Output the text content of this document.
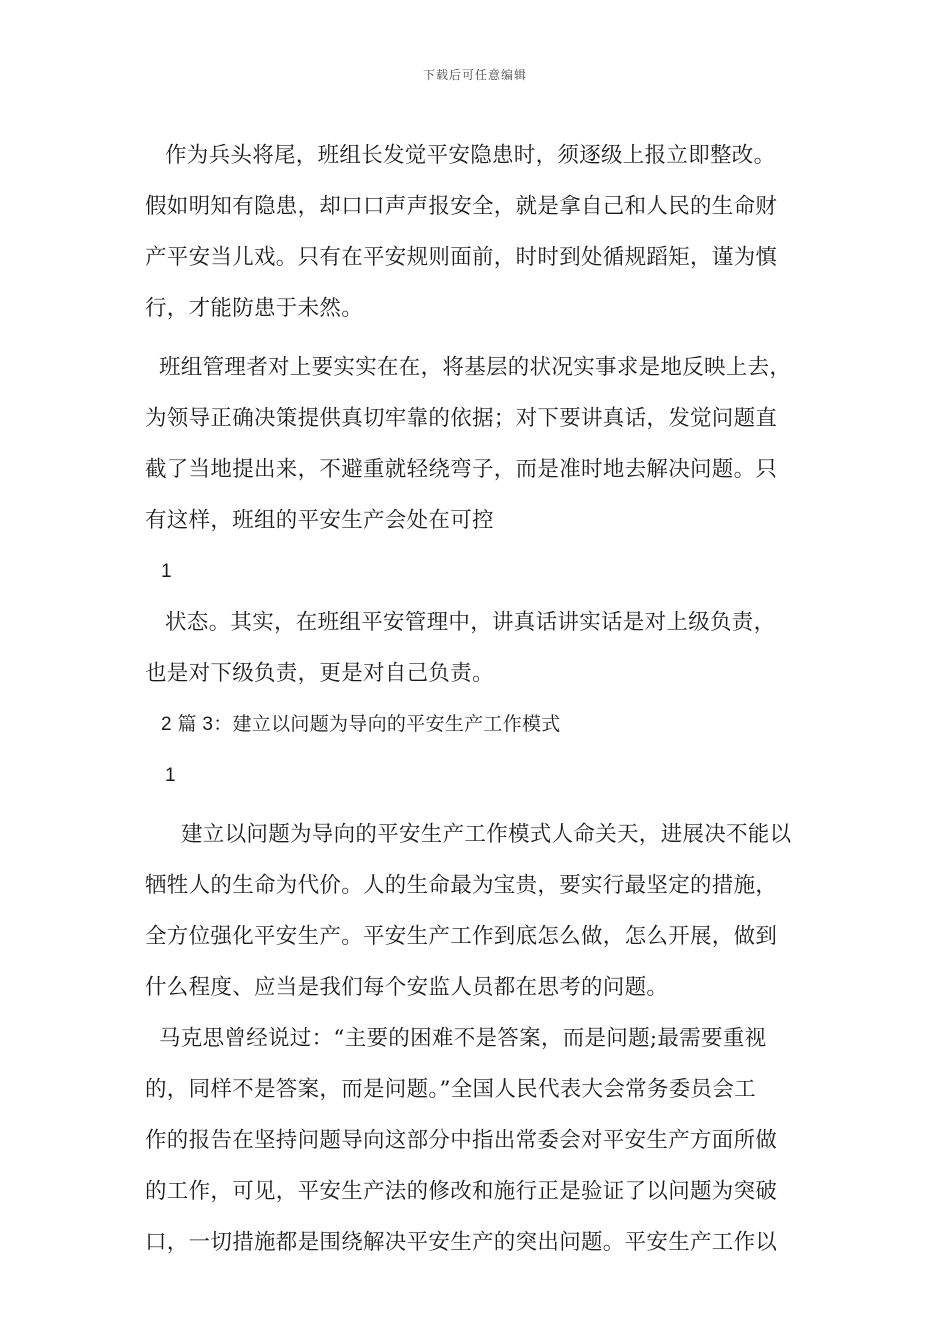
下载后可任意编辑
作为兵头将尾，班组长发觉平安隐患时，须逐级上报立即整改。
假如明知有隐患，却口口声声报安全，就是拿自己和人民的生命财
产平安当儿戏。只有在平安规则面前，时时到处循规蹈矩，谨为慎
行，才能防患于未然。
班组管理者对上要实实在在，将基层的状况实事求是地反映上去，
为领导正确决策提供真切牢靠的依据；对下要讲真话，发觉问题直
截了当地提出来，不避重就轻绕弯子，而是准时地去解决问题。只
有这样，班组的平安生产会处在可控
1
状态。其实，在班组平安管理中，讲真话讲实话是对上级负责，
也是对下级负责，更是对自己负责。
2 篇 3：建立以问题为导向的平安生产工作模式
1
建立以问题为导向的平安生产工作模式人命关天，进展决不能以
牺牲人的生命为代价。人的生命最为宝贵，要实行最坚定的措施，
全方位强化平安生产。平安生产工作到底怎么做，怎么开展，做到
什么程度、应当是我们每个安监人员都在思考的问题。
马克思曾经说过：“主要的困难不是答案，而是问题;最需要重视
的，同样不是答案，而是问题。”全国人民代表大会常务委员会工
作的报告在坚持问题导向这部分中指出常委会对平安生产方面所做
的工作，可见，平安生产法的修改和施行正是验证了以问题为突破
口，一切措施都是围绕解决平安生产的突出问题。平安生产工作以
